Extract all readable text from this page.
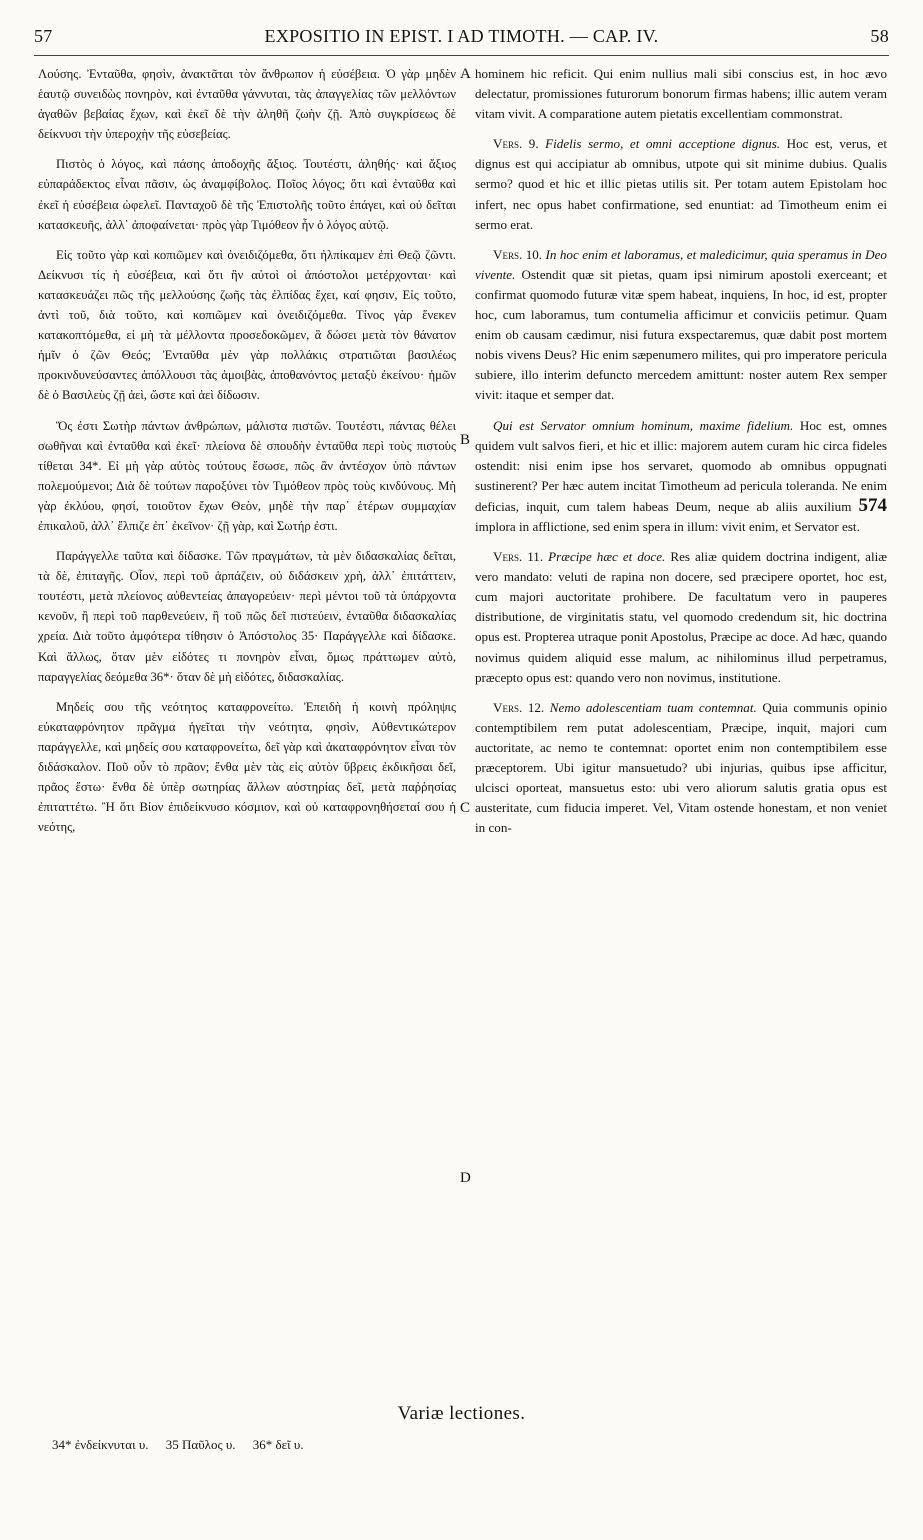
57	EXPOSITIO IN EPIST. I AD TIMOTH. — CAP. IV.	58

Λούσης. Ἐνταῦθα, φησὶν, ἀνακτᾶται τὸν ἄνθρωπον ἡ εὐσέβεια. Ὁ γὰρ μηδὲν ἑαυτῷ συνειδὼς πονηρὸν, καὶ ἐνταῦθα γάννυται, τὰς ἀπαγγελίας τῶν μελλόντων ἀγαθῶν βεβαίας ἔχων, καὶ ἐκεῖ δὲ τὴν ἀληθῆ ζωὴν ζῇ. Ἀπὸ συγκρίσεως δὲ δείκνυσι τὴν ὑπεροχὴν τῆς εὐσεβείας.

Πιστὸς ὁ λόγος, καὶ πάσης ἀποδοχῆς ἄξιος. Τουτέστι, ἀληθής· καὶ ἄξιος εὐπαράδεκτος εἶναι πᾶσιν, ὡς ἀναμφίβολος. Ποῖος λόγος; ὅτι καὶ ἐνταῦθα καὶ ἐκεῖ ἡ εὐσέβεια ὠφελεῖ. Πανταχοῦ δὲ τῆς Ἐπιστολῆς τοῦτο ἐπάγει, καὶ οὐ δεῖται κατασκευῆς, ἀλλ᾽ ἀποφαίνεται· πρὸς γὰρ Τιμόθεον ἦν ὁ λόγος αὐτῷ.

Εἰς τοῦτο γὰρ καὶ κοπιῶμεν καὶ ὀνειδιζόμεθα, ὅτι ἠλπίκαμεν ἐπὶ Θεῷ ζῶντι. Δείκνυσι τίς ἡ εὐσέβεια, καὶ ὅτι ἣν αὐτοὶ οἱ ἀπόστολοι μετέρχονται· καὶ κατασκευάζει πῶς τῆς μελλούσης ζωῆς τὰς ἐλπίδας ἔχει, καί φησιν, Εἰς τοῦτο, ἀντὶ τοῦ, διὰ τοῦτο, καὶ κοπιῶμεν καὶ ὀνειδιζόμεθα. Τίνος γὰρ ἕνεκεν κατακοπτόμεθα, εἰ μὴ τὰ μέλλοντα προσεδοκῶμεν, ἃ δώσει μετὰ τὸν θάνατον ἡμῖν ὁ ζῶν Θεός; Ἐνταῦθα μὲν γὰρ πολλάκις στρατιῶται βασιλέως προκινδυνεύσαντες ἀπόλλουσι τὰς ἀμοιβὰς, ἀποθανόντος μεταξὺ ἐκείνου· ἡμῶν δὲ ὁ Βασιλεὺς ζῇ ἀεὶ, ὥστε καὶ ἀεὶ δίδωσιν.

Ὅς ἐστι Σωτὴρ πάντων ἀνθρώπων, μάλιστα πιστῶν. Τουτέστι, πάντας θέλει σωθῆναι καὶ ἐνταῦθα καὶ ἐκεῖ· πλείονα δὲ σπουδὴν ἐνταῦθα περὶ τοὺς πιστοὺς τίθεται 34*. Εἰ μὴ γὰρ αὐτὸς τούτους ἔσωσε, πῶς ἂν ἀντέσχον ὑπὸ πάντων πολεμούμενοι; Διὰ δὲ τούτων παροξύνει τὸν Τιμόθεον πρὸς τοὺς κινδύνους. Μὴ γὰρ ἐκλύου, φησί, τοιοῦτον ἔχων Θεὸν, μηδὲ τὴν παρ᾽ ἑτέρων συμμαχίαν ἐπικαλοῦ, ἀλλ᾽ ἔλπιζε ἐπ᾽ ἐκεῖνον· ζῇ γὰρ, καὶ Σωτήρ ἐστι.

Παράγγελλε ταῦτα καὶ δίδασκε. Τῶν πραγμάτων, τὰ μὲν διδασκαλίας δεῖται, τὰ δὲ, ἐπιταγῆς. Οἷον, περὶ τοῦ ἁρπάζειν, οὐ διδάσκειν χρὴ, ἀλλ᾽ ἐπιτάττειν, τουτέστι, μετὰ πλείονος αὐθεντείας ἀπαγορεύειν· περὶ μέντοι τοῦ τὰ ὑπάρχοντα κενοῦν, ἢ περὶ τοῦ παρθενεύειν, ἢ τοῦ πῶς δεῖ πιστεύειν, ἐνταῦθα διδασκαλίας χρεία. Διὰ τοῦτο ἀμφότερα τίθησιν ὁ Ἀπόστολος 35· Παράγγελλε καὶ δίδασκε. Καὶ ἄλλως, ὅταν μὲν εἰδότες τι πονηρὸν εἶναι, ὅμως πράττωμεν αὐτὸ, παραγγελίας δεόμεθα 36*· ὅταν δὲ μὴ εἰδότες, διδασκαλίας.

Μηδείς σου τῆς νεότητος καταφρονείτω. Ἐπειδὴ ἡ κοινὴ πρόληψις εὐκαταφρόνητον πρᾶγμα ἡγεῖται τὴν νεότητα, φησὶν, Αὐθεντικώτερον παράγγελλε, καὶ μηδείς σου καταφρονείτω, δεῖ γὰρ καὶ ἀκαταφρόνητον εἶναι τὸν διδάσκαλον. Ποῦ οὖν τὸ πρᾶον; ἔνθα μὲν τὰς εἰς αὐτὸν ὕβρεις ἐκδικῆσαι δεῖ, πρᾶος ἔστω· ἔνθα δὲ ὑπὲρ σωτηρίας ἄλλων αὐστηρίας δεῖ, μετὰ παῤῥησίας ἐπιταττέτω. Ἢ ὅτι Βίον ἐπιδείκνυσο κόσμιον, καὶ οὐ καταφρονηθήσεταί σου ἡ νεότης,

A
B
C
D

hominem hic reficit. Qui enim nullius mali sibi conscius est, in hoc ævo delectatur, promissiones futurorum bonorum firmas habens; illic autem veram vitam vivit. A comparatione autem pietatis excellentiam commonstrat.

Vers. 9. Fidelis sermo, et omni acceptione dignus. Hoc est, verus, et dignus est qui accipiatur ab omnibus, utpote qui sit minime dubius. Qualis sermo? quod et hic et illic pietas utilis sit. Per totam autem Epistolam hoc infert, nec opus habet confirmatione, sed enuntiat: ad Timotheum enim ei sermo erat.

Vers. 10. In hoc enim et laboramus, et maledicimur, quia speramus in Deo vivente. Ostendit quæ sit pietas, quam ipsi nimirum apostoli exerceant; et confirmat quomodo futuræ vitæ spem habeat, inquiens, In hoc, id est, propter hoc, cum laboramus, tum contumelia afficimur et conviciis petimur. Quam enim ob causam cædimur, nisi futura exspectaremus, quæ dabit post mortem nobis vivens Deus? Hic enim sæpenumero milites, qui pro imperatore pericula subiere, illo interim defuncto mercedem amittunt: noster autem Rex semper vivit: itaque et semper dat.

Qui est Servator omnium hominum, maxime fidelium. Hoc est, omnes quidem vult salvos fieri, et hic et illic: majorem autem curam hic circa fideles ostendit: nisi enim ipse hos servaret, quomodo ab omnibus oppugnati sustinerent? Per hæc autem incitat Timotheum ad pericula toleranda. Ne enim deficias, inquit, cum talem habeas Deum, neque ab aliis auxilium 574 implora in afflictione, sed enim spera in illum: vivit enim, et Servator est.

Vers. 11. Præcipe hæc et doce. Res aliæ quidem doctrina indigent, aliæ vero mandato: veluti de rapina non docere, sed præcipere oportet, hoc est, cum majori auctoritate prohibere. De facultatum vero in pauperes distributione, de virginitatis statu, vel quomodo credendum sit, hic doctrina opus est. Propterea utraque ponit Apostolus, Præcipe ac doce. Ad hæc, quando novimus quidem aliquid esse malum, ac nihilominus illud perpetramus, præcepto opus est: quando vero non novimus, institutione.

Vers. 12. Nemo adolescentiam tuam contemnat. Quia communis opinio contemptibilem rem putat adolescentiam, Præcipe, inquit, majori cum auctoritate, ac nemo te contemnat: oportet enim non contemptibilem esse præceptorem. Ubi igitur mansuetudo? ubi injurias, quibus ipse afficitur, ulcisci oporteat, mansuetus esto: ubi vero aliorum salutis gratia opus est austeritate, cum fiducia imperet. Vel, Vitam ostende honestam, et non veniet in con-

Variæ lectiones.
34* ἐνδείκνυται υ. 35 Παῦλος υ. 36* δεῖ υ.
